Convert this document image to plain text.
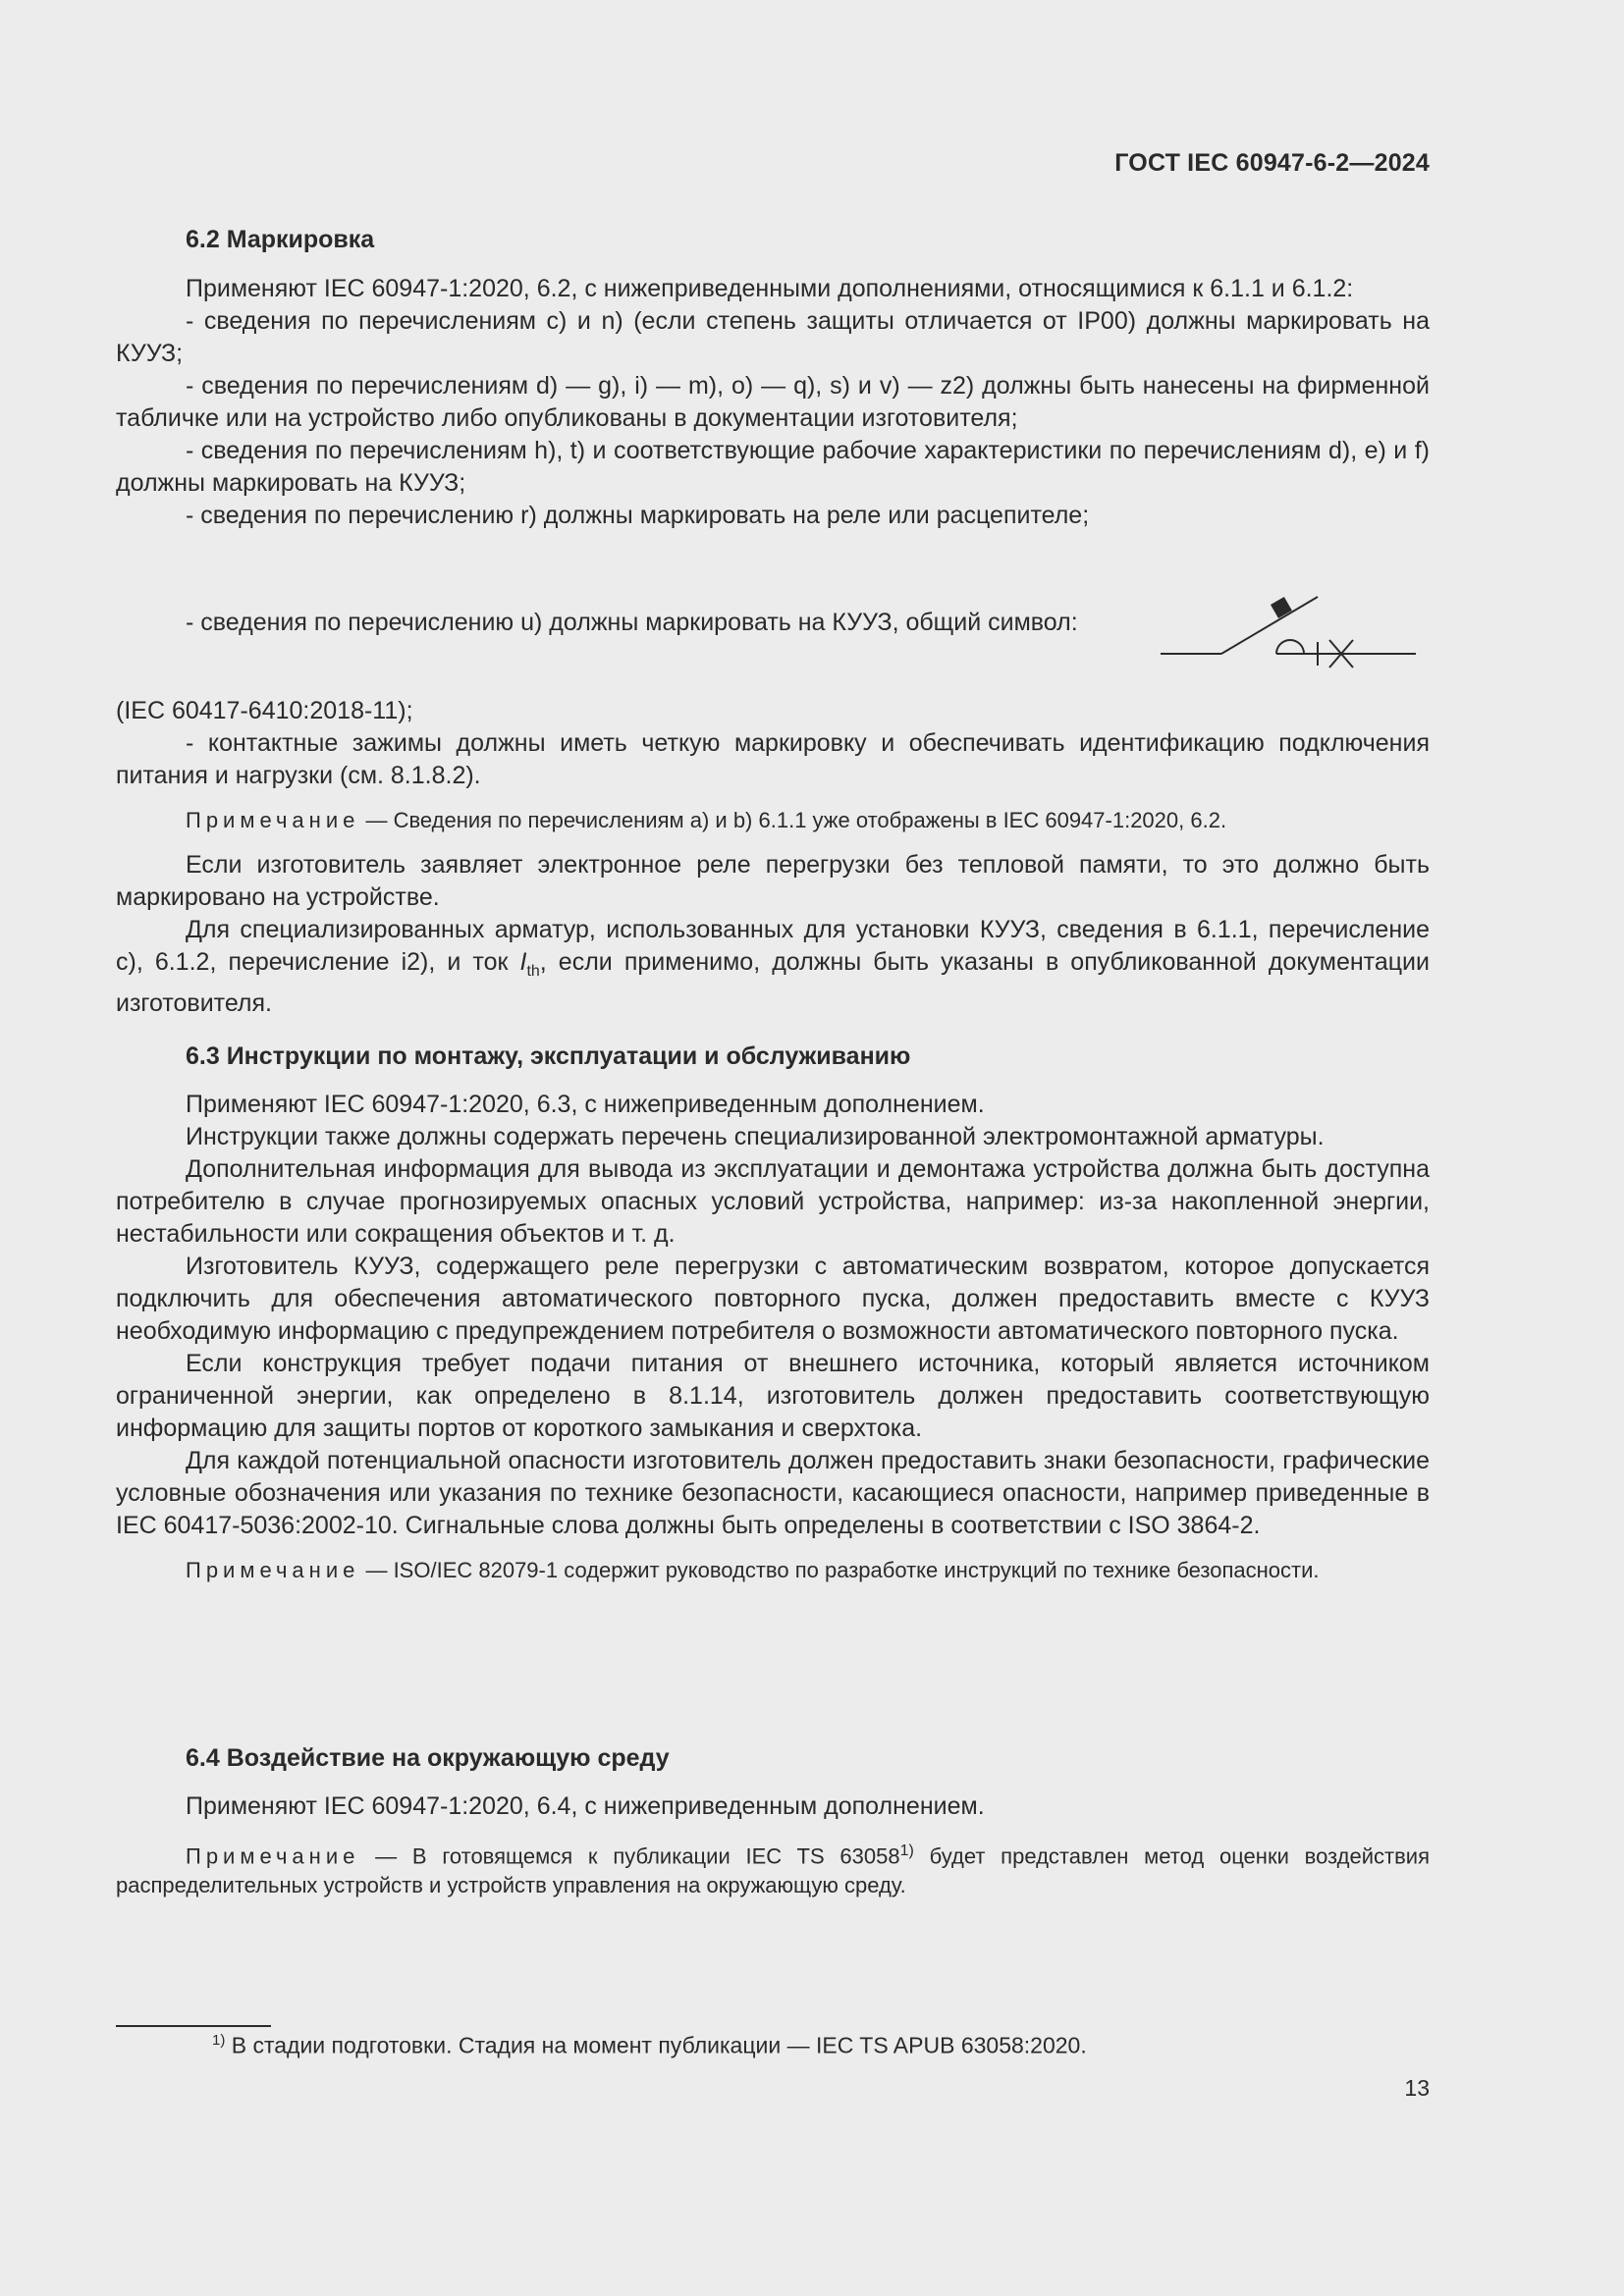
ГОСТ IEC 60947-6-2—2024
6.2 Маркировка

Применяют IEC 60947-1:2020, 6.2, с нижеприведенными дополнениями, относящимися к 6.1.1 и 6.1.2:

- сведения по перечислениям с) и n) (если степень защиты отличается от IP00) должны маркировать на КУУЗ;

- сведения по перечислениям d) — g), i) — m), o) — q), s) и v) — z2) должны быть нанесены на фирменной табличке или на устройство либо опубликованы в документации изготовителя;

- сведения по перечислениям h), t) и соответствующие рабочие характеристики по перечислениям d), e) и f) должны маркировать на КУУЗ;

- сведения по перечислению r) должны маркировать на реле или расцепителе;

- сведения по перечислению u) должны маркировать на КУУЗ, общий символ:

(IEC 60417-6410:2018-11);

- контактные зажимы должны иметь четкую маркировку и обеспечивать идентификацию подключения питания и нагрузки (см. 8.1.8.2).

Примечание — Сведения по перечислениям a) и b) 6.1.1 уже отображены в IEC 60947-1:2020, 6.2.

Если изготовитель заявляет электронное реле перегрузки без тепловой памяти, то это должно быть маркировано на устройстве.

Для специализированных арматур, использованных для установки КУУЗ, сведения в 6.1.1, перечисление с), 6.1.2, перечисление i2), и ток $I_{th}$, если применимо, должны быть указаны в опубликованной документации изготовителя.

6.3 Инструкции по монтажу, эксплуатации и обслуживанию

Применяют IEC 60947-1:2020, 6.3, с нижеприведенным дополнением.

Инструкции также должны содержать перечень специализированной электромонтажной арматуры.

Дополнительная информация для вывода из эксплуатации и демонтажа устройства должна быть доступна потребителю в случае прогнозируемых опасных условий устройства, например: из-за накопленной энергии, нестабильности или сокращения объектов и т. д.

Изготовитель КУУЗ, содержащего реле перегрузки с автоматическим возвратом, которое допускается подключить для обеспечения автоматического повторного пуска, должен предоставить вместе с КУУЗ необходимую информацию с предупреждением потребителя о возможности автоматического повторного пуска.

Если конструкция требует подачи питания от внешнего источника, который является источником ограниченной энергии, как определено в 8.1.14, изготовитель должен предоставить соответствующую информацию для защиты портов от короткого замыкания и сверхтока.

Для каждой потенциальной опасности изготовитель должен предоставить знаки безопасности, графические условные обозначения или указания по технике безопасности, касающиеся опасности, например приведенные в IEC 60417-5036:2002-10. Сигнальные слова должны быть определены в соответствии с ISO 3864-2.

Примечание — ISO/IEC 82079-1 содержит руководство по разработке инструкций по технике безопасности.

6.4 Воздействие на окружающую среду

Применяют IEC 60947-1:2020, 6.4, с нижеприведенным дополнением.

Примечание — В готовящемся к публикации IEC TS 63058$^{1)}$ будет представлен метод оценки воздействия распределительных устройств и устройств управления на окружающую среду.

$^{1)}$ В стадии подготовки. Стадия на момент публикации — IEC TS APUB 63058:2020.
13
